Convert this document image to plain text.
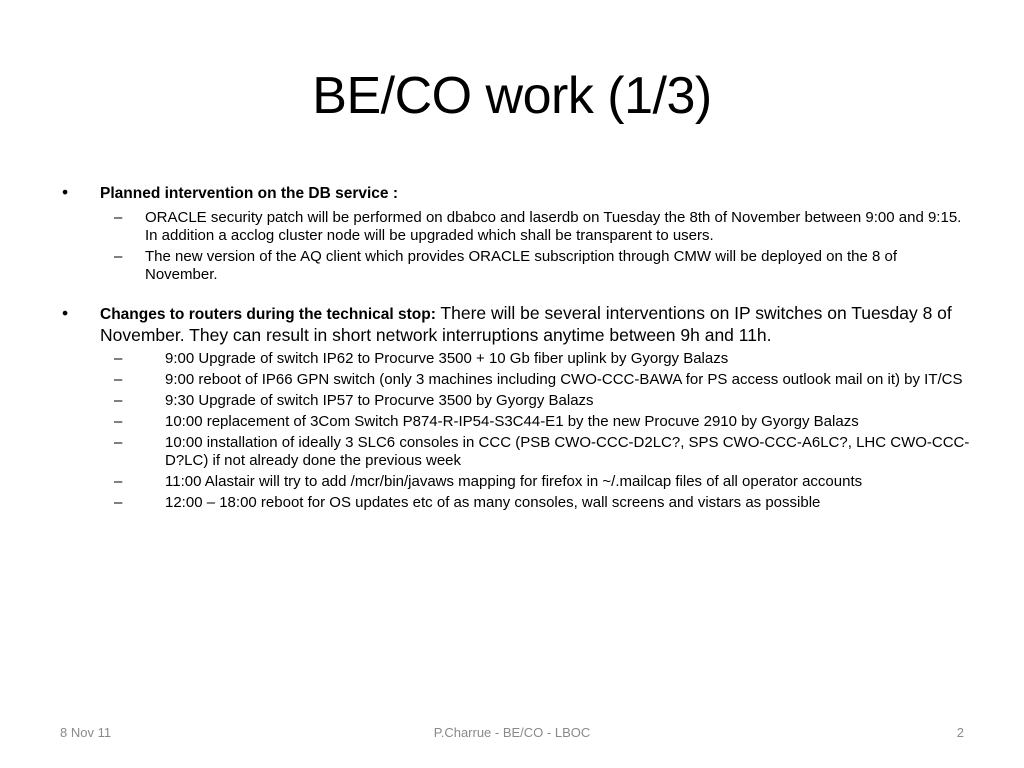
BE/CO work (1/3)
• Planned intervention on the DB service :
– ORACLE security patch will be performed on dbabco and laserdb on Tuesday the 8th of November between 9:00 and 9:15. In addition a acclog cluster node will be upgraded which shall be transparent to users.
– The new version of the AQ client which provides ORACLE subscription through CMW will be deployed on the 8 of November.
• Changes to routers during the technical stop: There will be several interventions on IP switches on Tuesday 8 of November. They can result in short network interruptions anytime between 9h and 11h.
–	9:00 Upgrade of switch IP62 to Procurve 3500 + 10 Gb fiber uplink by Gyorgy Balazs
–	9:00 reboot of IP66 GPN switch (only 3 machines including CWO-CCC-BAWA for PS access outlook mail on it) by IT/CS
–	9:30 Upgrade of switch IP57 to Procurve 3500 by Gyorgy Balazs
–	10:00 replacement of 3Com Switch P874-R-IP54-S3C44-E1 by the new Procuve 2910 by Gyorgy Balazs
–	10:00 installation of ideally 3 SLC6 consoles in CCC (PSB CWO-CCC-D2LC?, SPS CWO-CCC-A6LC?, LHC CWO-CCC-D?LC) if not already done the previous week
–	11:00 Alastair will try to add /mcr/bin/javaws mapping for firefox in ~/.mailcap files of all operator accounts
–	12:00 – 18:00 reboot for OS updates etc of as many consoles, wall screens and vistars as possible
8 Nov 11	P.Charrue - BE/CO - LBOC	2
